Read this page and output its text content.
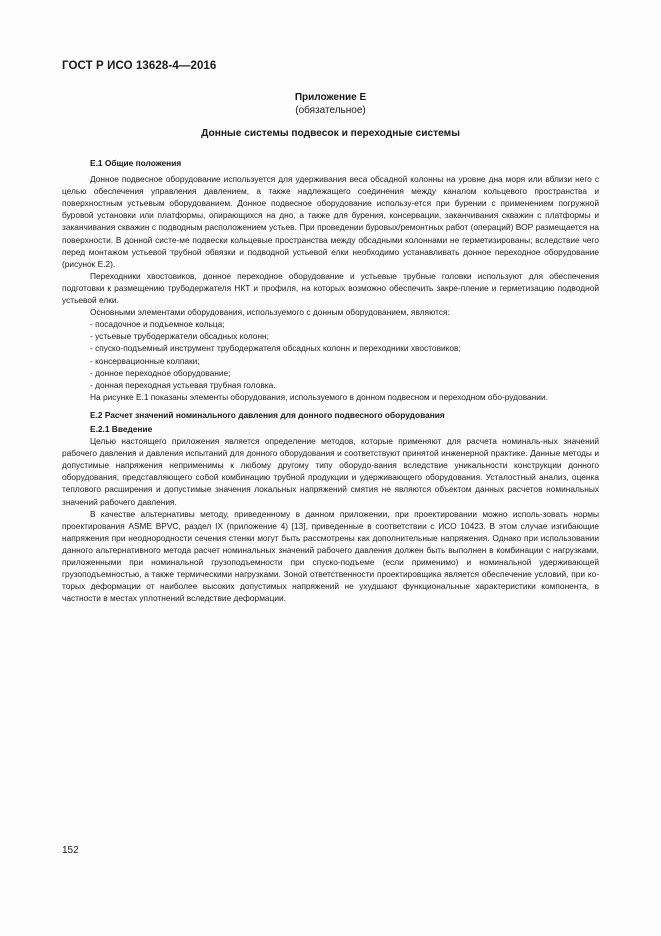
ГОСТ Р ИСО 13628-4—2016
Приложение Е
(обязательное)
Донные системы подвесок и переходные системы
Е.1 Общие положения

Донное подвесное оборудование используется для удерживания веса обсадной колонны на уровне дна моря или вблизи него с целью обеспечения управления давлением, а также надлежащего соединения между каналом кольцевого пространства и поверхностным устьевым оборудованием. Донное подвесное оборудование использу-ется при бурении с применением погружной буровой установки или платформы, опирающихся на дно, а также для бурения, консервации, заканчивания скважин с платформы и заканчивания скважин с подводным расположением устьев. При проведении буровых/ремонтных работ (операций) ВОР размещается на поверхности. В донной систе-ме подвески кольцевые пространства между обсадными колоннами не герметизированы; вследствие чего перед монтажом устьевой трубной обвязки и подводной устьевой елки необходимо устанавливать донное переходное оборудование (рисунок Е.2).

Переходники хвостовиков, донное переходное оборудование и устьевые трубные головки используют для обеспечения подготовки к размещению трубодержателя НКТ и профиля, на которых возможно обеспечить закре-пление и герметизацию подводной устьевой елки.

Основными элементами оборудования, используемого с донным оборудованием, являются:

- посадочное и подъемное кольца;
- устьевые трубодержатели обсадных колонн;
- спуско-подъемный инструмент трубодержателя обсадных колонн и переходники хвостовиков;
- консервационные колпаки;
- донное переходное оборудование;
- донная переходная устьевая трубная головка.

На рисунке Е.1 показаны элементы оборудования, используемого в донном подвесном и переходном обо-рудовании.

Е.2 Расчет значений номинального давления для донного подвесного оборудования
Е.2.1 Введение

Целью настоящего приложения является определение методов, которые применяют для расчета номиналь-ных значений рабочего давления и давления испытаний для донного оборудования и соответствуют принятой инженерной практике. Данные методы и допустимые напряжения неприменимы к любому другому типу оборудо-вания вследствие уникальности конструкции донного оборудования, представляющего собой комбинацию трубной продукции и удерживающего оборудования. Усталостный анализ, оценка теплового расширения и допустимые значения локальных напряжений смятия не являются объектом данных расчетов номинальных значений рабочего давления.

В качестве альтернативы методу, приведенному в данном приложении, при проектировании можно исполь-зовать нормы проектирования ASME BPVC, раздел IX (приложение 4) [13], приведенные в соответствии с ИСО 10423. В этом случае изгибающие напряжения при неоднородности сечения стенки могут быть рассмотрены как дополнительные напряжения. Однако при использовании данного альтернативного метода расчет номинальных значений рабочего давления должен быть выполнен в комбинации с нагрузками, приложенными при номинальной грузоподъемности при спуско-подъеме (если применимо) и номинальной удерживающей грузоподъемностью, а также термическими нагрузками. Зоной ответственности проектировщика является обеспечение условий, при ко-торых деформации от наиболее высоких допустимых напряжений не ухудшают функциональные характеристики компонента, в частности в местах уплотнений вследствие деформации.

152
